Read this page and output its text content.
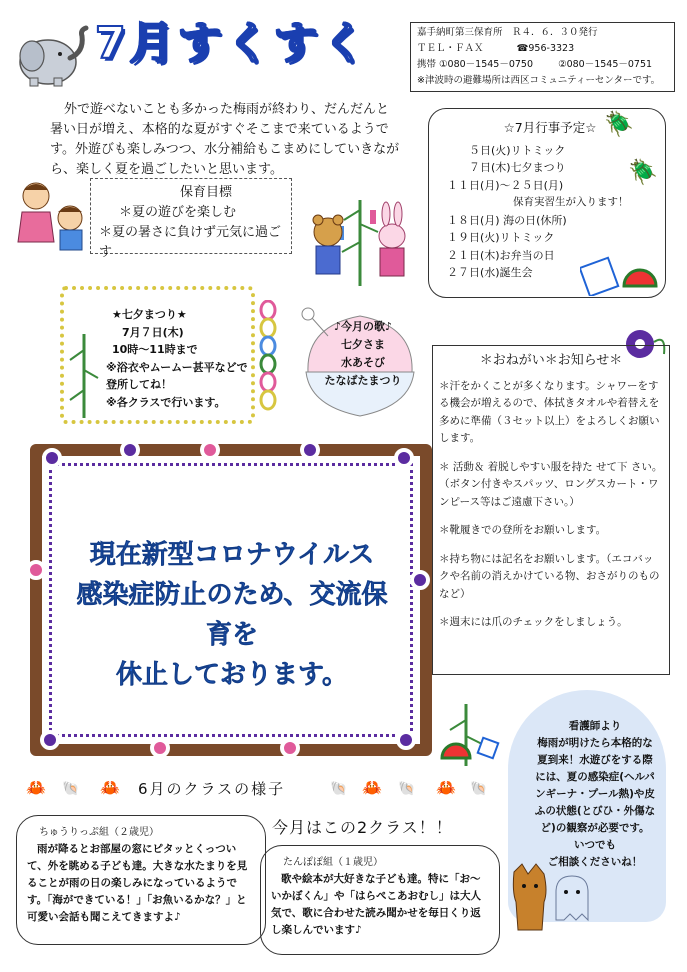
7月すくすく	嘉手納町第三保育所　Ｒ４．６．３０発行
ＴＥＬ・ＦＡＸ	☎956-3323
携帯 ①080－1545－0750	②080－1545－0751
※津波時の避難場所は西区コミュニティーセンターです。
外で遊べないことも多かった梅雨が終わり、だんだんと暑い日が増え、本格的な夏がすぐそこまで来ているようです。外遊びも楽しみつつ、水分補給もこまめにしていきながら、楽しく夏を過ごしたいと思います。
保育目標
＊夏の遊びを楽しむ
＊夏の暑さに負けず元気に過ごす
🪲
🪲
☆7月行事予定☆
５日(火)リトミック
７日(木)七夕まつり
１１日(月)～２５日(月)
保育実習生が入ります！
１８日(月) 海の日(休所)
１９日(火)リトミック
２１日(木)お弁当の日
２７日(水)誕生会
★七夕まつり★
7月７日(木)
10時～11時まで
※浴衣やムームー甚平などで登所してね！
※各クラスで行います。
♪今月の歌♪
七夕さま
水あそび
たなばたまつり
＊おねがい＊お知らせ＊

＊汗をかくことが多くなります。シャワーをする機会が増えるので、体拭きタオルや着替えを多めに準備（３セット以上）をよろしくお願いします。

＊ 活動＆ 着脱しやすい服を持た せて下 さい。（ボタン付きやスパッツ、ロングスカート・ワンピース等はご遠慮下さい。）

＊靴履きでの登所をお願いします。

＊持ち物には記名をお願いします。（エコバックや名前の消えかけている物、おさがりのものなど）

＊週末には爪のチェックをしましょう。

現在新型コロナウイルス
感染症防止のため、交流保育を
休止しております。
看護師より
梅雨が明けたら本格的な
夏到来！水遊びをする際
には、夏の感染症(ヘルパ
ンギーナ・プール熱)や皮
ふの状態(とびひ・外傷な
ど)の観察が必要です。
いつでも
ご相談くださいね！
🦀 🐚 🦀 6月のクラスの様子	🐚 🦀 🐚 🦀 🐚
今月はこの2クラス！！
ちゅうりっぷ組（２歳児）
雨が降るとお部屋の窓にピタッとくっついて、外を眺める子ども達。大きな水たまりを見ることが雨の日の楽しみになっているようです。「海ができている！」「お魚いるかな？」と可愛い会話も聞こえてきますよ♪
たんぽぽ組（１歳児）
歌や絵本が大好きな子ども達。特に「お～いかぼくん」や「はらぺこあおむし」は大人気で、歌に合わせた読み聞かせを毎日くり返し楽しんでいます♪
